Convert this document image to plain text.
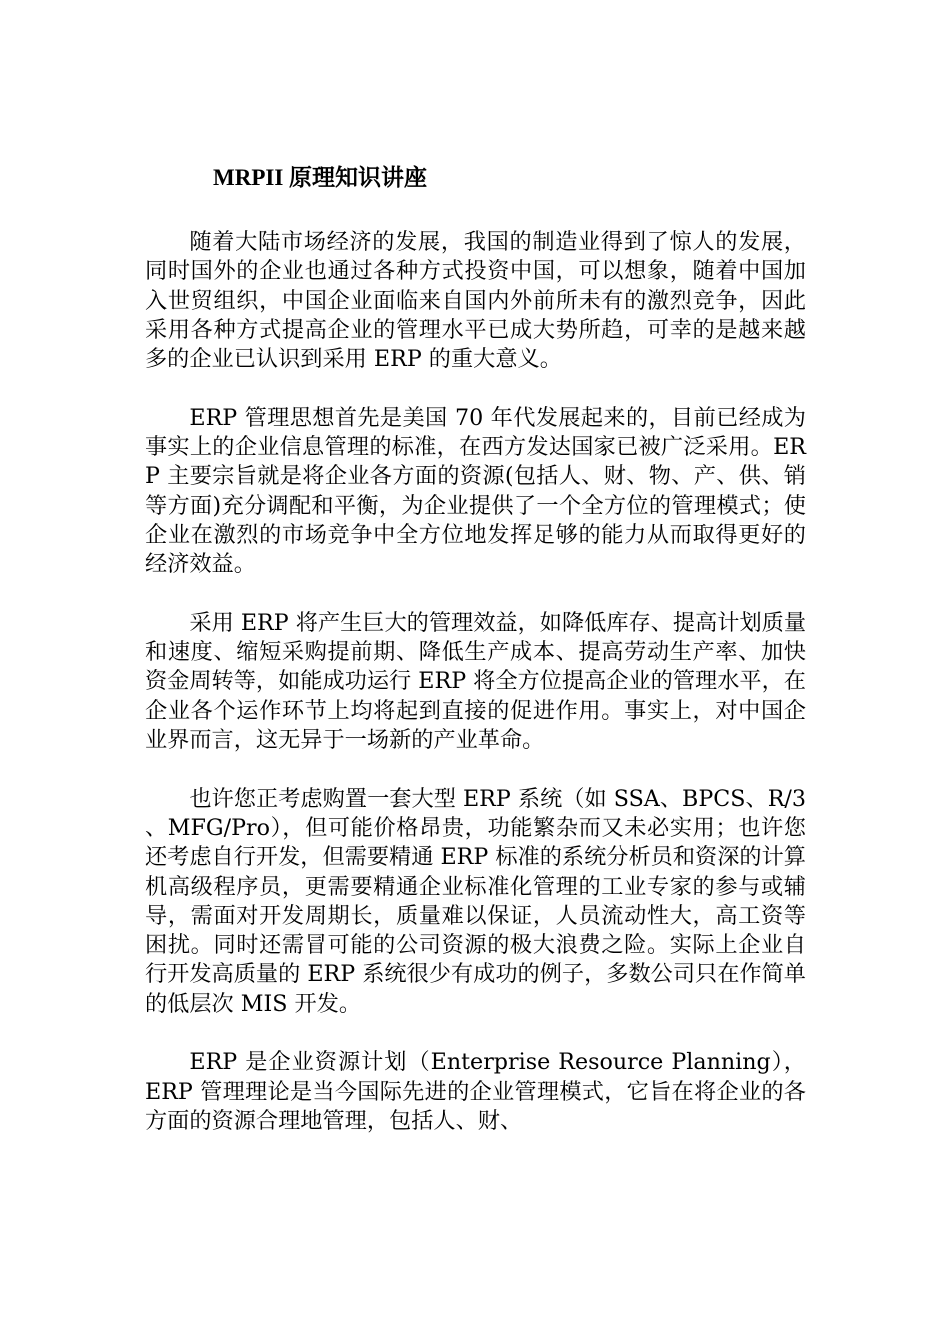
MRPII 原理知识讲座

随着大陆市场经济的发展，我国的制造业得到了惊人的发展，同时国外的企业也通过各种方式投资中国，可以想象，随着中国加入世贸组织，中国企业面临来自国内外前所未有的激烈竞争，因此采用各种方式提高企业的管理水平已成大势所趋，可幸的是越来越多的企业已认识到采用 ERP 的重大意义。

ERP 管理思想首先是美国 70 年代发展起来的，目前已经成为事实上的企业信息管理的标准，在西方发达国家已被广泛采用。ERP 主要宗旨就是将企业各方面的资源(包括人、财、物、产、供、销等方面)充分调配和平衡，为企业提供了一个全方位的管理模式；使企业在激烈的市场竞争中全方位地发挥足够的能力从而取得更好的经济效益。

采用 ERP 将产生巨大的管理效益，如降低库存、提高计划质量和速度、缩短采购提前期、降低生产成本、提高劳动生产率、加快资金周转等，如能成功运行 ERP 将全方位提高企业的管理水平，在企业各个运作环节上均将起到直接的促进作用。事实上，对中国企业界而言，这无异于一场新的产业革命。

也许您正考虑购置一套大型 ERP 系统（如 SSA、BPCS、R/3、MFG/Pro），但可能价格昂贵，功能繁杂而又未必实用；也许您还考虑自行开发，但需要精通 ERP 标准的系统分析员和资深的计算机高级程序员，更需要精通企业标准化管理的工业专家的参与或辅导，需面对开发周期长，质量难以保证，人员流动性大，高工资等困扰。同时还需冒可能的公司资源的极大浪费之险。实际上企业自行开发高质量的 ERP 系统很少有成功的例子，多数公司只在作简单的低层次 MIS 开发。

ERP 是企业资源计划（Enterprise Resource Planning），ERP 管理理论是当今国际先进的企业管理模式，它旨在将企业的各方面的资源合理地管理，包括人、财、
